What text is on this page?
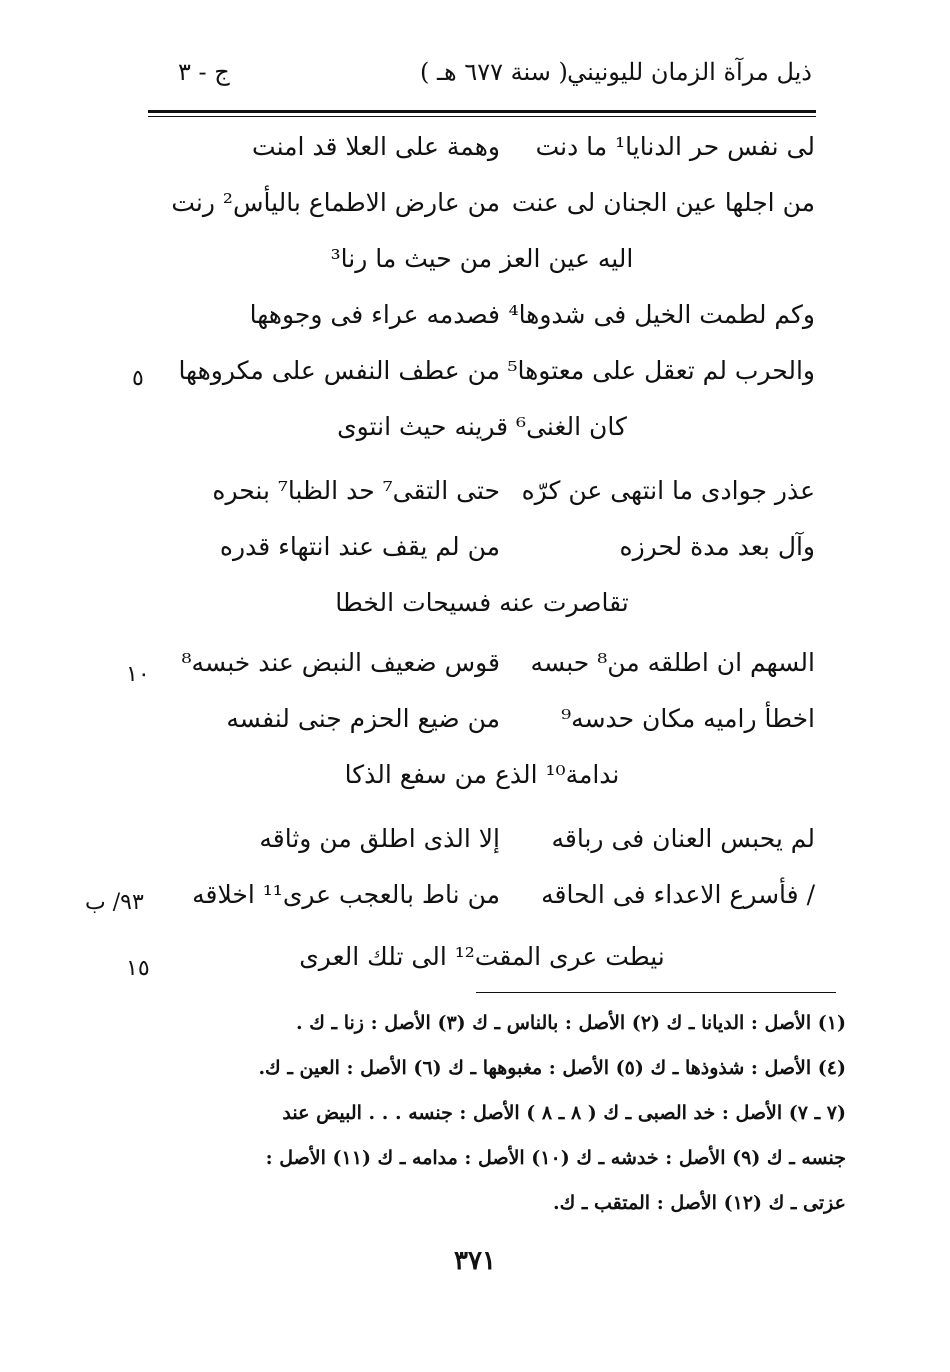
ذيل مرآة الزمان لليونيني
( سنة ٦٧٧ هـ )
ج - ٣
لى نفس حر الدنايا¹ ما دنت
وهمة على العلا قد امنت
من اجلها عين الجنان لى عنت
من عارض الاطماع باليأس² رنت
اليه عين العز من حيث ما رنا³
وكم لطمت الخيل فى شدوها⁴
فصدمه عراء فى وجوهها
والحرب لم تعقل على معتوها⁵
من عطف النفس على مكروهها
كان الغنى⁶ قرينه حيث انتوى
عذر جوادى ما انتهى عن كرّه
حتى التقى⁷ حد الظبا⁷ بنحره
وآل بعد مدة لحرزه
من لم يقف عند انتهاء قدره
تقاصرت عنه فسيحات الخطا
السهم ان اطلقه من⁸ حبسه
قوس ضعيف النبض عند خبسه⁸
اخطأ راميه مكان حدسه⁹
من ضيع الحزم جنى لنفسه
ندامة¹⁰ الذع من سفع الذكا
لم يحبس العنان فى رباقه
إلا الذى اطلق من وثاقه
/ فأسرع الاعداء فى الحاقه
من ناط بالعجب عرى¹¹ اخلاقه
نيطت عرى المقت¹² الى تلك العرى
٥
١٠
٩٣/ ب
١٥
(١) الأصل : الديانا ـ ك (٢) الأصل : بالناس ـ ك (٣) الأصل : زنا ـ ك .
(٤) الأصل : شذوذها ـ ك (٥) الأصل : مغبوهها ـ ك (٦) الأصل : العين ـ ك.
(٧ ـ ٧) الأصل : خد الصبى ـ ك ( ٨ ـ ٨ ) الأصل : جنسه . . . البيض عند
جنسه ـ ك (٩) الأصل : خدشه ـ ك (١٠) الأصل : مدامه ـ ك (١١) الأصل :
عزتى ـ ك (١٢) الأصل : المتقب ـ ك.
٣٧١
